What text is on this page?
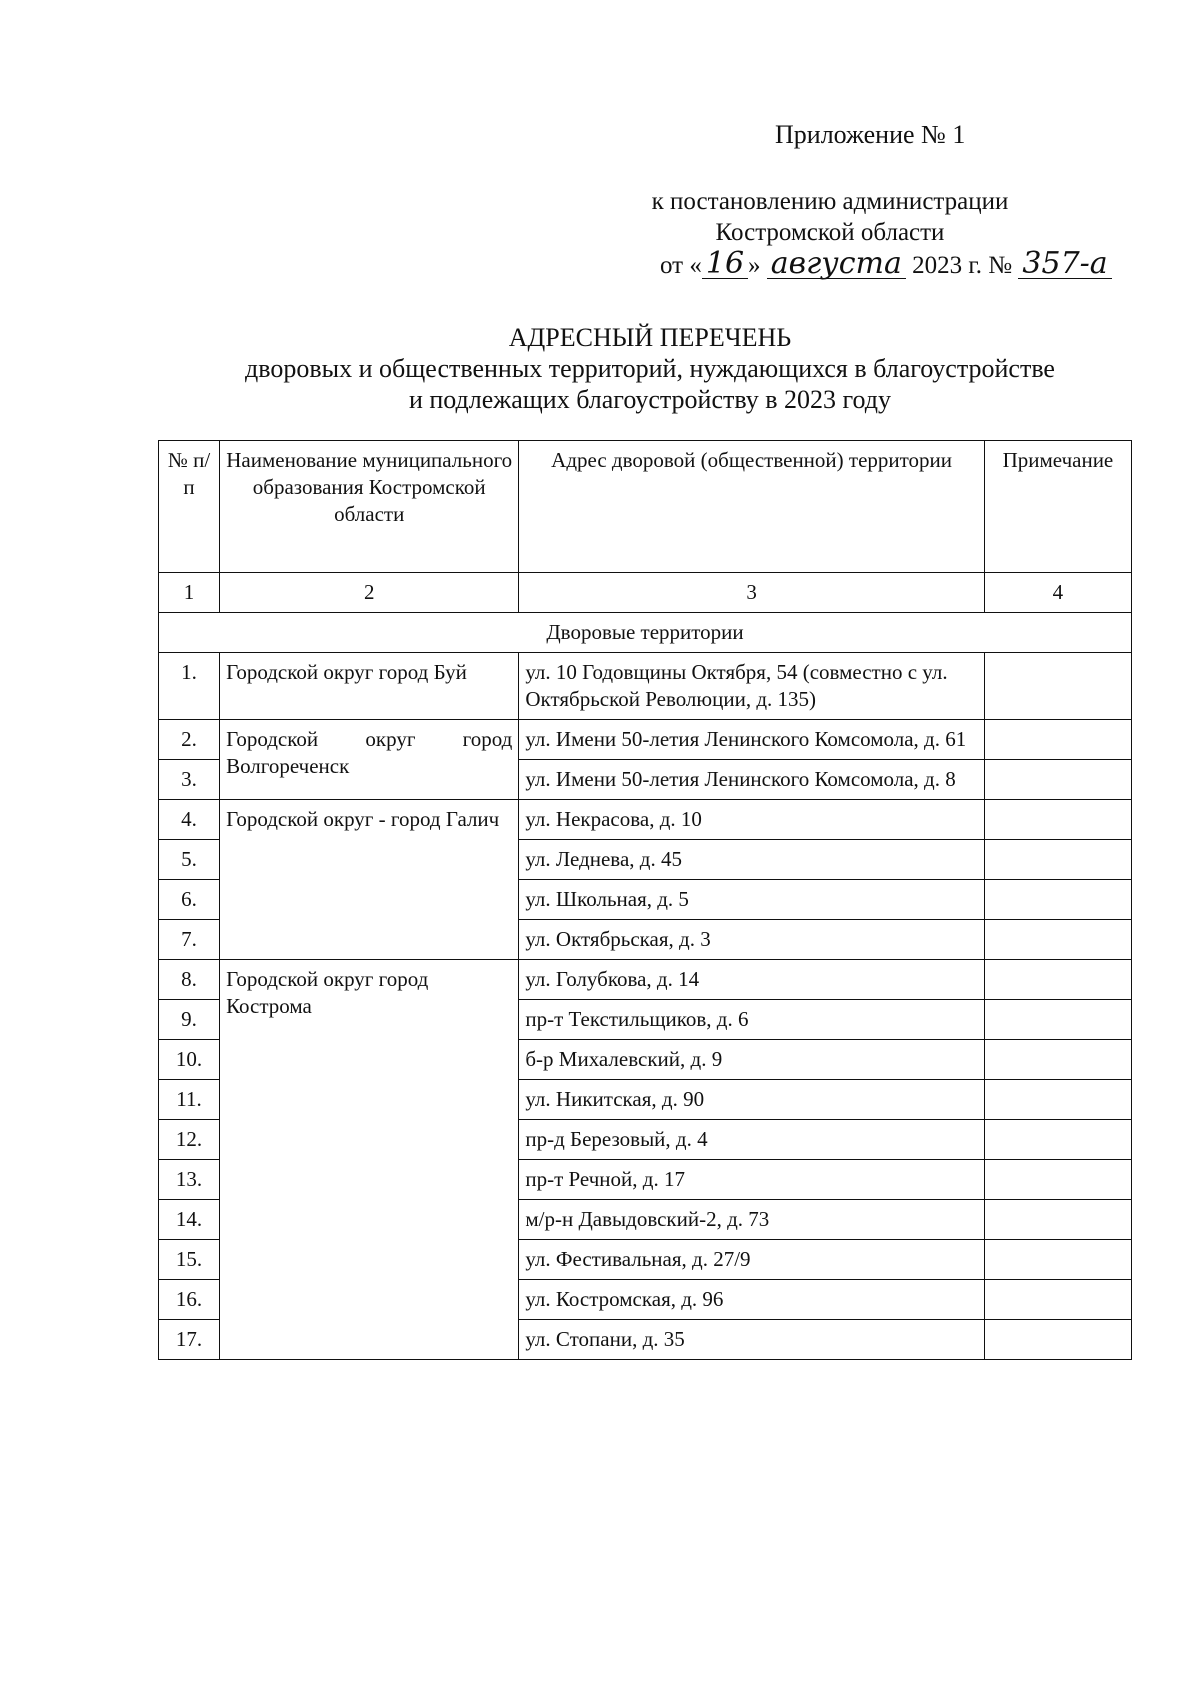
Приложение № 1
к постановлению администрации
Костромской области
от « 16 » августа 2023 г. № 357-а
АДРЕСНЫЙ ПЕРЕЧЕНЬ
дворовых и общественных территорий, нуждающихся в благоустройстве
и подлежащих благоустройству в 2023 году
№ п/п	Наименование муниципального образования Костромской области	Адрес дворовой (общественной) территории	Примечание
1	2	3	4
Дворовые территории			
1.	Городской округ город Буй	ул. 10 Годовщины Октября, 54 (совместно с ул. Октябрьской Революции, д. 135)	
2.	Городской округ город Волгореченск	ул. Имени 50-летия Ленинского Комсомола, д. 61	

3.		ул. Имени 50-летия Ленинского Комсомола, д. 8	

4.	Городской округ - город Галич	ул. Некрасова, д. 10	
5.		ул. Леднева, д. 45	
6.		ул. Школьная, д. 5	
7.		ул. Октябрьская, д. 3	
8.	Городской округ город Кострома	ул. Голубкова, д. 14	
9.		пр-т Текстильщиков, д. 6	
10.		б-р Михалевский, д. 9	
11.		ул. Никитская, д. 90	
12.		пр-д Березовый, д. 4	
13.		пр-т Речной, д. 17	
14.		м/р-н Давыдовский-2, д. 73	
15.		ул. Фестивальная, д. 27/9	
16.		ул. Костромская, д. 96	
17.		ул. Стопани, д. 35	
